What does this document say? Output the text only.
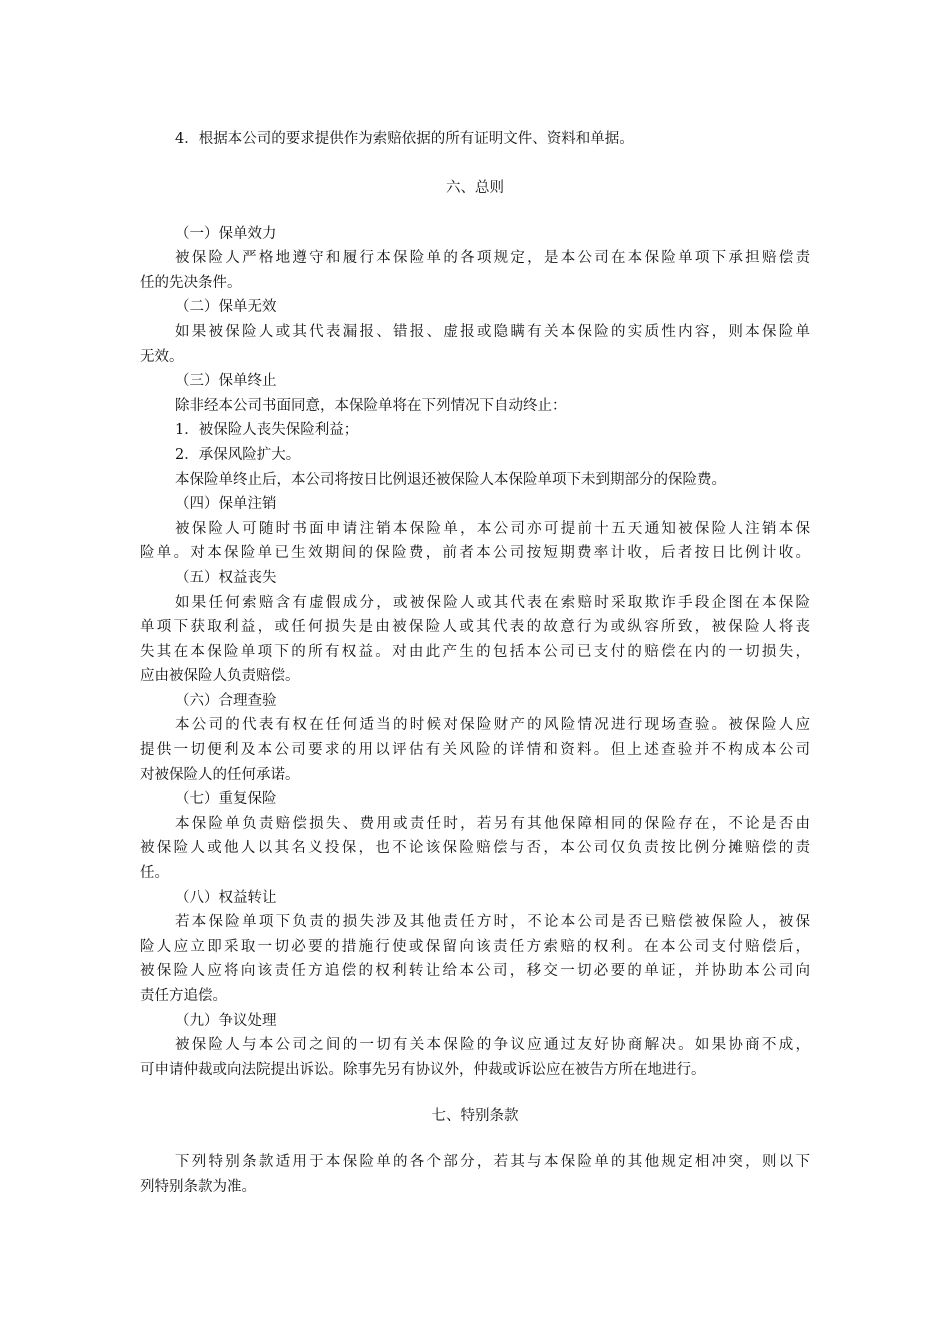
4．根据本公司的要求提供作为索赔依据的所有证明文件、资料和单据。
六、总则
（一）保单效力
被保险人严格地遵守和履行本保险单的各项规定，是本公司在本保险单项下承担赔偿责
任的先决条件。
（二）保单无效
如果被保险人或其代表漏报、错报、虚报或隐瞒有关本保险的实质性内容，则本保险单
无效。
（三）保单终止
除非经本公司书面同意，本保险单将在下列情况下自动终止：
1．被保险人丧失保险利益；
2．承保风险扩大。
本保险单终止后，本公司将按日比例退还被保险人本保险单项下未到期部分的保险费。
（四）保单注销
被保险人可随时书面申请注销本保险单，本公司亦可提前十五天通知被保险人注销本保
险单。对本保险单已生效期间的保险费，前者本公司按短期费率计收，后者按日比例计收。
（五）权益丧失
如果任何索赔含有虚假成分，或被保险人或其代表在索赔时采取欺诈手段企图在本保险
单项下获取利益，或任何损失是由被保险人或其代表的故意行为或纵容所致，被保险人将丧
失其在本保险单项下的所有权益。对由此产生的包括本公司已支付的赔偿在内的一切损失，
应由被保险人负责赔偿。
（六）合理查验
本公司的代表有权在任何适当的时候对保险财产的风险情况进行现场查验。被保险人应
提供一切便利及本公司要求的用以评估有关风险的详情和资料。但上述查验并不构成本公司
对被保险人的任何承诺。
（七）重复保险
本保险单负责赔偿损失、费用或责任时，若另有其他保障相同的保险存在，不论是否由
被保险人或他人以其名义投保，也不论该保险赔偿与否，本公司仅负责按比例分摊赔偿的责
任。
（八）权益转让
若本保险单项下负责的损失涉及其他责任方时，不论本公司是否已赔偿被保险人，被保
险人应立即采取一切必要的措施行使或保留向该责任方索赔的权利。在本公司支付赔偿后，
被保险人应将向该责任方追偿的权利转让给本公司，移交一切必要的单证，并协助本公司向
责任方追偿。
（九）争议处理
被保险人与本公司之间的一切有关本保险的争议应通过友好协商解决。如果协商不成，
可申请仲裁或向法院提出诉讼。除事先另有协议外，仲裁或诉讼应在被告方所在地进行。
七、特别条款
下列特别条款适用于本保险单的各个部分，若其与本保险单的其他规定相冲突，则以下
列特别条款为准。
